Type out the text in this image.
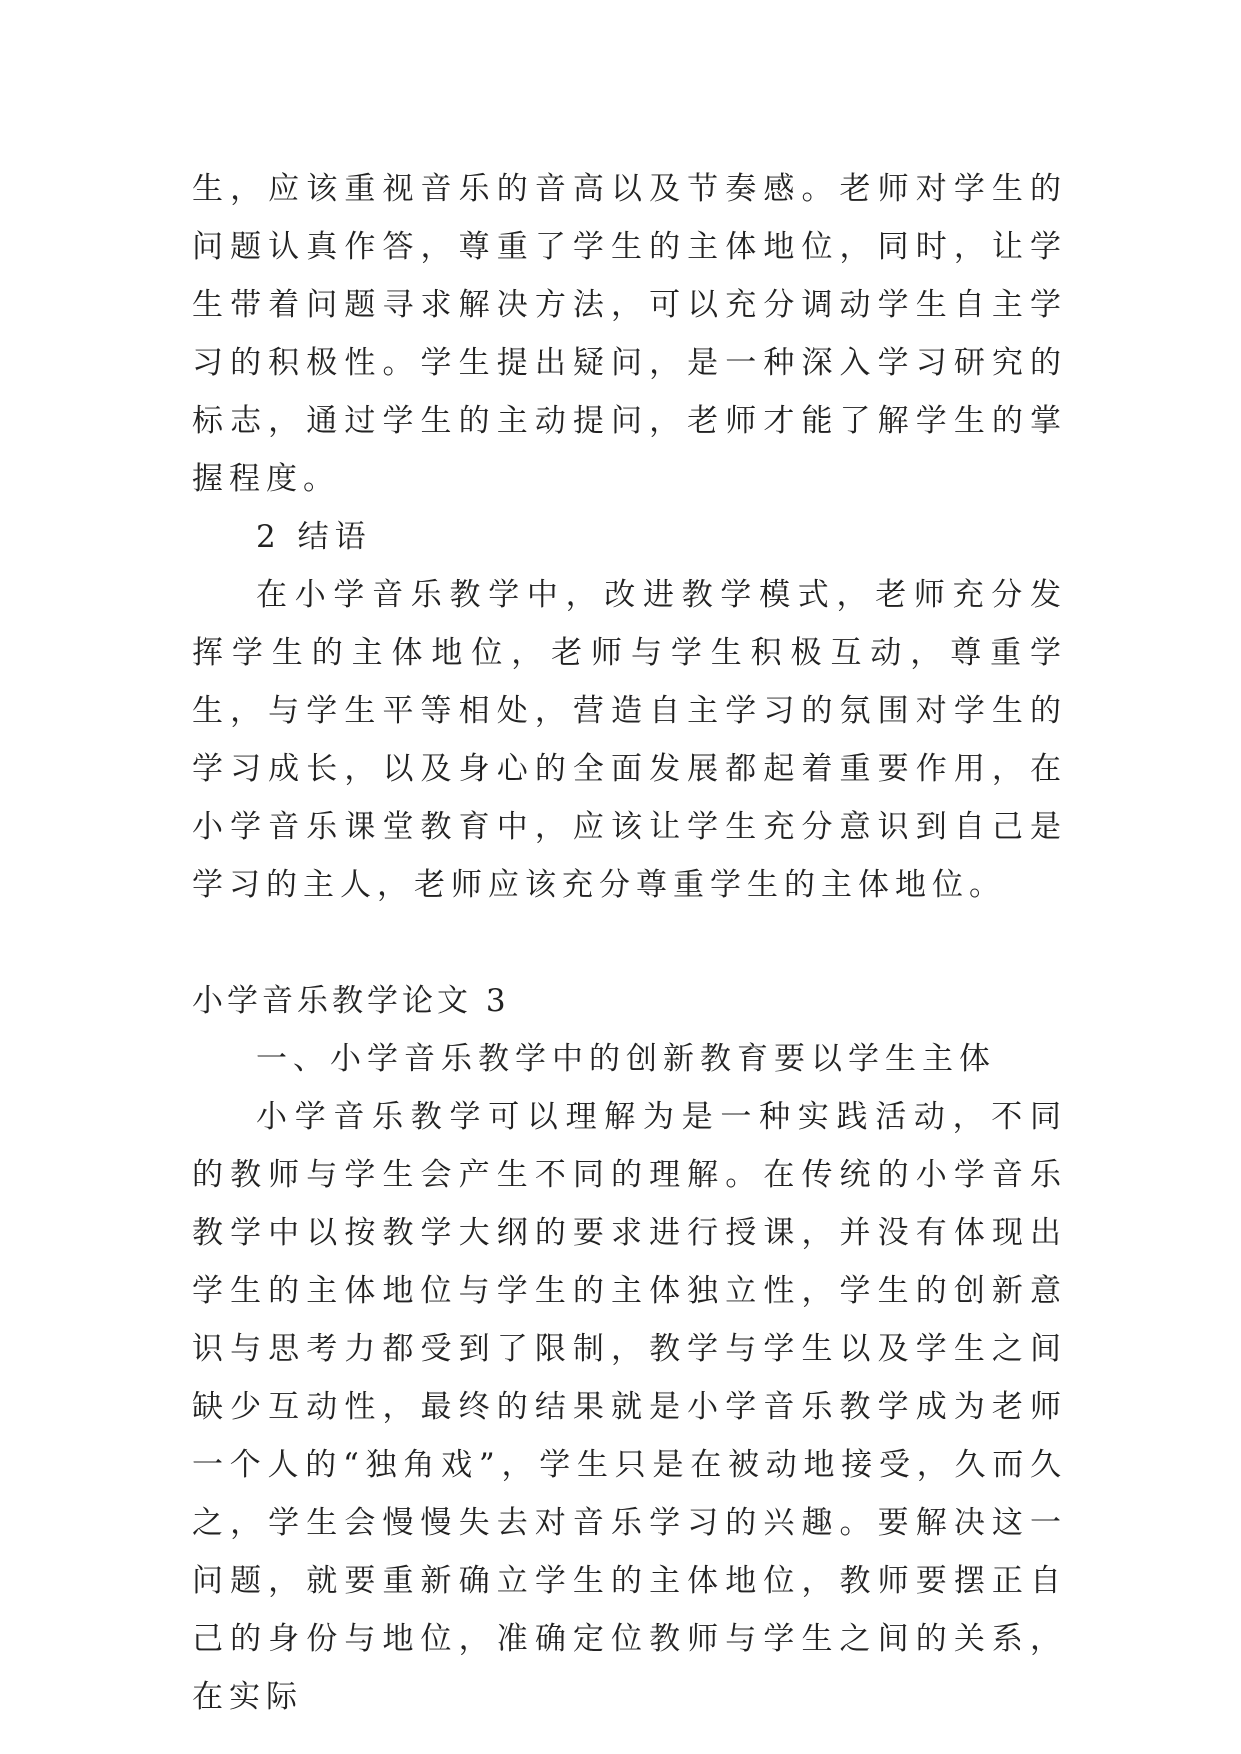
生，应该重视音乐的音高以及节奏感。老师对学生的问题认真作答，尊重了学生的主体地位，同时，让学生带着问题寻求解决方法，可以充分调动学生自主学习的积极性。学生提出疑问，是一种深入学习研究的标志，通过学生的主动提问，老师才能了解学生的掌握程度。

2 结语

在小学音乐教学中，改进教学模式，老师充分发挥学生的主体地位，老师与学生积极互动，尊重学生，与学生平等相处，营造自主学习的氛围对学生的学习成长，以及身心的全面发展都起着重要作用，在小学音乐课堂教育中，应该让学生充分意识到自己是学习的主人，老师应该充分尊重学生的主体地位。

小学音乐教学论文 3

一、小学音乐教学中的创新教育要以学生主体

小学音乐教学可以理解为是一种实践活动，不同的教师与学生会产生不同的理解。在传统的小学音乐教学中以按教学大纲的要求进行授课，并没有体现出学生的主体地位与学生的主体独立性，学生的创新意识与思考力都受到了限制，教学与学生以及学生之间缺少互动性，最终的结果就是小学音乐教学成为老师一个人的“独角戏”，学生只是在被动地接受，久而久之，学生会慢慢失去对音乐学习的兴趣。要解决这一问题，就要重新确立学生的主体地位，教师要摆正自己的身份与地位，准确定位教师与学生之间的关系，在实际
